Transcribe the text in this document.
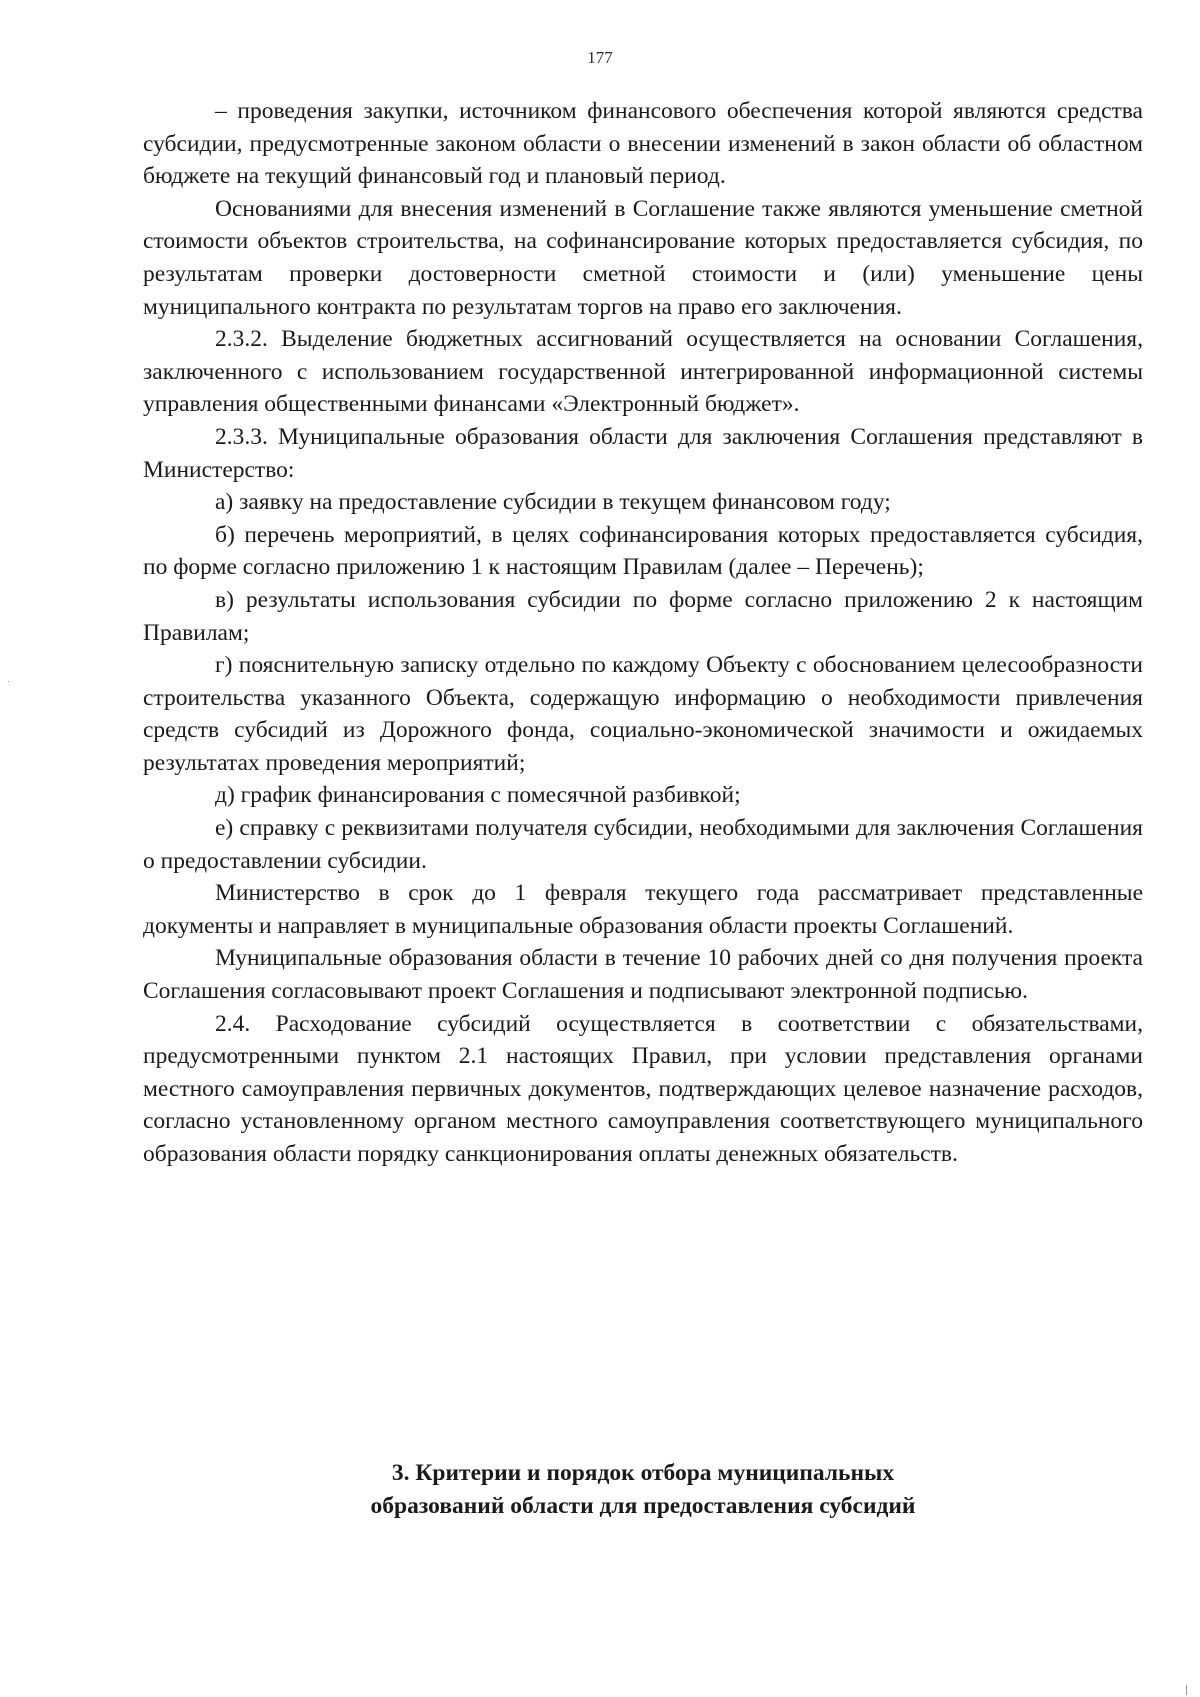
177

– проведения закупки, источником финансового обеспечения которой являются средства субсидии, предусмотренные законом области о внесении изменений в закон области об областном бюджете на текущий финансовый год и плановый период.

Основаниями для внесения изменений в Соглашение также являются уменьшение сметной стоимости объектов строительства, на софинансирование которых предоставляется субсидия, по результатам проверки достоверности сметной стоимости и (или) уменьшение цены муниципального контракта по результатам торгов на право его заключения.

2.3.2. Выделение бюджетных ассигнований осуществляется на основании Соглашения, заключенного с использованием государственной интегрированной информационной системы управления общественными финансами «Электронный бюджет».

2.3.3. Муниципальные образования области для заключения Соглашения представляют в Министерство:

а) заявку на предоставление субсидии в текущем финансовом году;

б) перечень мероприятий, в целях софинансирования которых предоставляется субсидия, по форме согласно приложению 1 к настоящим Правилам (далее – Перечень);

в) результаты использования субсидии по форме согласно приложению 2 к настоящим Правилам;

г) пояснительную записку отдельно по каждому Объекту с обоснованием целесообразности строительства указанного Объекта, содержащую информацию о необходимости привлечения средств субсидий из Дорожного фонда, социально-экономической значимости и ожидаемых результатах проведения мероприятий;

д) график финансирования с помесячной разбивкой;

е) справку с реквизитами получателя субсидии, необходимыми для заключения Соглашения о предоставлении субсидии.

Министерство в срок до 1 февраля текущего года рассматривает представленные документы и направляет в муниципальные образования области проекты Соглашений.

Муниципальные образования области в течение 10 рабочих дней со дня получения проекта Соглашения согласовывают проект Соглашения и подписывают электронной подписью.

2.4. Расходование субсидий осуществляется в соответствии с обязательствами, предусмотренными пунктом 2.1 настоящих Правил, при условии представления органами местного самоуправления первичных документов, подтверждающих целевое назначение расходов, согласно установленному органом местного самоуправления соответствующего муниципального образования области порядку санкционирования оплаты денежных обязательств.

3. Критерии и порядок отбора муниципальных
образований области для предоставления субсидий
